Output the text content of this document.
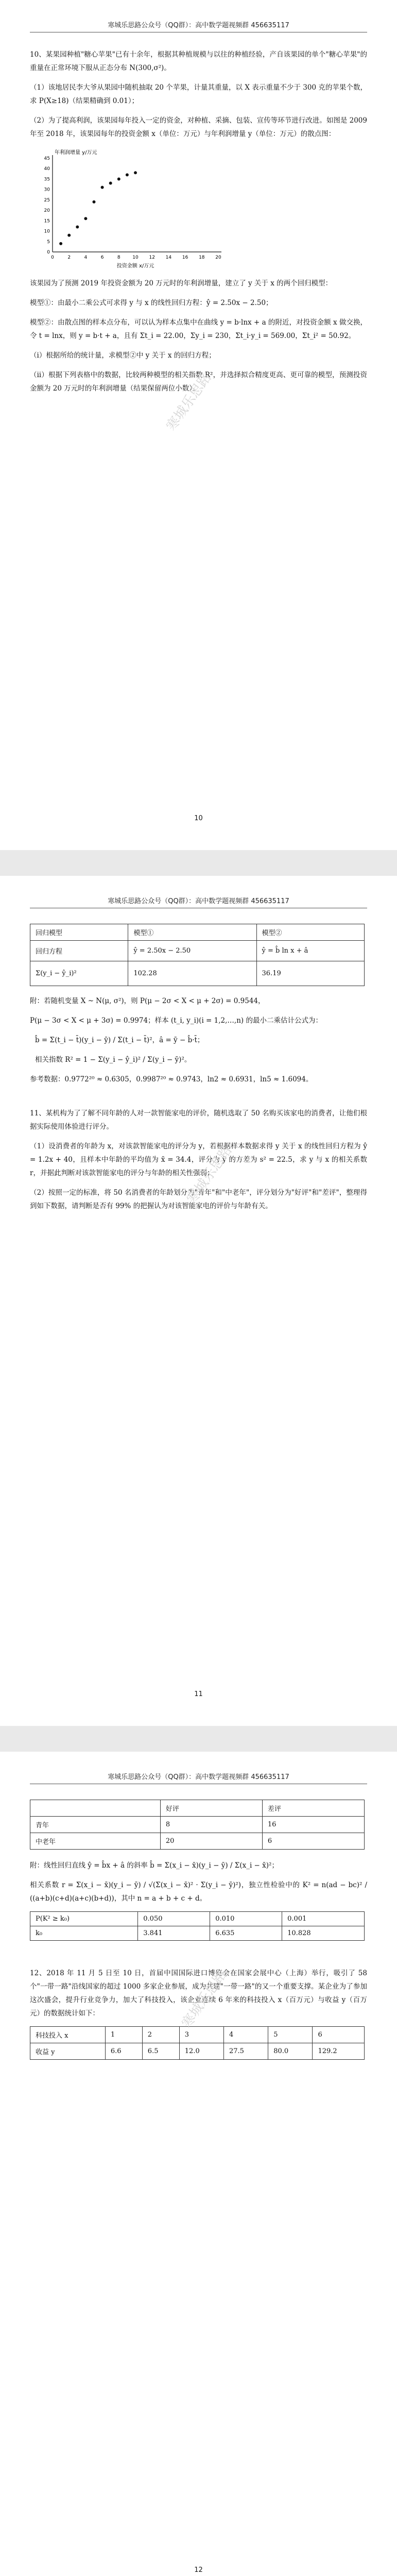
寒城乐思路公众号（QQ群）：高中数学题视频群 456635117
寒城乐思路

10、某果园种植"糖心苹果"已有十余年，根据其种植规模与以往的种植经验，产自该果园的单个"糖心苹果"的重量在正常环境下服从正态分布 N(300,σ²)。

（1）该地居民李大爷从果园中随机抽取 20 个苹果，计量其重量，以 X 表示重量不少于 300 克的苹果个数，求 P(X≥18)（结果精确到 0.01）；

（2）为了提高利润，该果园每年投入一定的资金，对种植、采摘、包装、宣传等环节进行改进。如图是 2009 年至 2018 年，该果园每年的投资金额 x（单位：万元）与年利润增量 y（单位：万元）的散点图：

0	2	4	6	8	10 12 14 16 18 20
0
5
10
15
20
25
30
35
40
45
年利润增量 y/万元
投资金额 x/万元

该果园为了预测 2019 年投资金额为 20 万元时的年利润增量，建立了 y 关于 x 的两个回归模型：

模型①：由最小二乘公式可求得 y 与 x 的线性回归方程：ŷ = 2.50x − 2.50；

模型②：由散点图的样本点分布，可以认为样本点集中在曲线 y = b·lnx + a 的附近，对投资金额 x 做交换，令 t = lnx，则 y = b·t + a，且有 Σt_i = 22.00，Σy_i = 230，Σt_i·y_i = 569.00，Σt_i² = 50.92。

（i）根据所给的统计量，求模型②中 y 关于 x 的回归方程；

（ii）根据下列表格中的数据，比较两种模型的相关指数 R²，并选择拟合精度更高、更可靠的模型，预测投资金额为 20 万元时的年利润增量（结果保留两位小数）。

10
寒城乐思路公众号（QQ群）：高中数学题视频群 456635117
寒城乐思路
回归模型	模型①	模型②
回归方程	ŷ = 2.50x − 2.50	ŷ = b̂ ln x + â
Σ(y_i − ŷ_i)²	102.28	36.19

附：若随机变量 X ~ N(μ, σ²)，则 P(μ − 2σ < X < μ + 2σ) = 0.9544，

P(μ − 3σ < X < μ + 3σ) = 0.9974；样本 (t_i, y_i)(i = 1,2,…,n) 的最小二乘估计公式为：

b̂ = Σ(t_i − t̄)(y_i − ȳ) / Σ(t_i − t̄)²，â = ȳ − b̂·t̄；

相关指数 R² = 1 − Σ(y_i − ŷ_i)² / Σ(y_i − ȳ)²。

参考数据：0.9772²⁰ ≈ 0.6305，0.9987²⁰ ≈ 0.9743，ln2 ≈ 0.6931，ln5 ≈ 1.6094。

11、某机构为了了解不同年龄的人对一款智能家电的评价，随机选取了 50 名购买该家电的消费者，让他们根据实际使用体验进行评分。

（1）设消费者的年龄为 x，对该款智能家电的评分为 y，若根据样本数据求得 y 关于 x 的线性回归方程为 ŷ = 1.2x + 40，且样本中年龄的平均值为 x̄ = 34.4，评分为 ȳ 的方差为 s² = 22.5，求 y 与 x 的相关系数 r，并据此判断对该款智能家电的评分与年龄的相关性强弱；

（2）按照一定的标准，将 50 名消费者的年龄划分为"青年"和"中老年"，评分划分为"好评"和"差评"，整理得到如下数据，请判断是否有 99% 的把握认为对该智能家电的评价与年龄有关。

11
寒城乐思路公众号（QQ群）：高中数学题视频群 456635117
寒城乐思路
	好评	差评
青年	8	16
中老年	20	6

附：线性回归直线 ŷ = b̂x + â 的斜率 b̂ = Σ(x_i − x̄)(y_i − ȳ) / Σ(x_i − x̄)²；

相关系数 r = Σ(x_i − x̄)(y_i − ȳ) / √(Σ(x_i − x̄)² · Σ(y_i − ȳ)²)，独立性检验中的 K² = n(ad − bc)² / ((a+b)(c+d)(a+c)(b+d))，其中 n = a + b + c + d。

P(K² ≥ k₀)	0.050	0.010	0.001
k₀	3.841	6.635	10.828

12、2018 年 11 月 5 日至 10 日，首届中国国际进口博览会在国家会展中心（上海）举行，吸引了 58 个"一带一路"沿线国家的超过 1000 多家企业参展，成为共建"一带一路"的又一个重要支撑。某企业为了参加这次盛会，提升行业竞争力，加大了科技投入，该企业连续 6 年来的科技投入 x（百万元）与收益 y（百万元）的数据统计如下：

科技投入 x	1	2	3	4	5	6
收益 y	6.6	6.5	12.0	27.5	80.0	129.2
12
